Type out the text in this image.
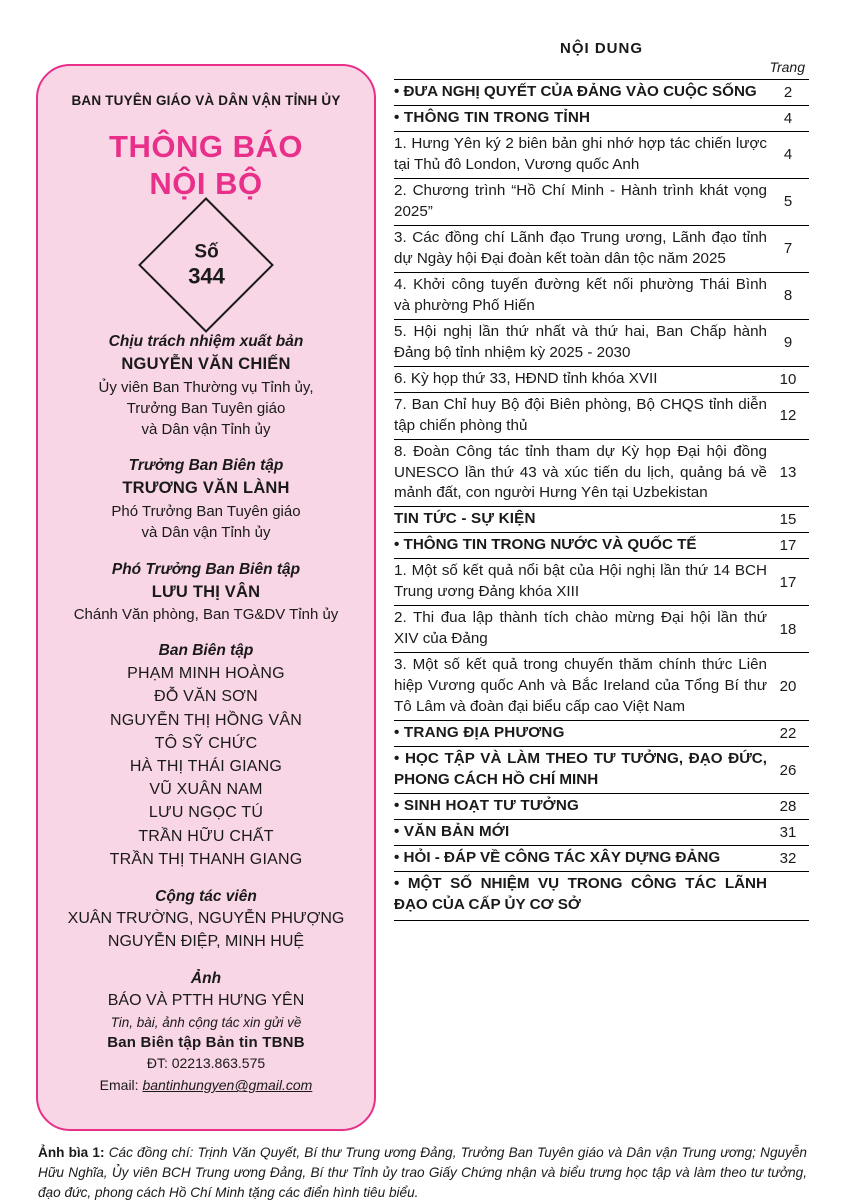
BAN TUYÊN GIÁO VÀ DÂN VẬN TỈNH ỦY
THÔNG BÁO
NỘI BỘ
Số
344
Chịu trách nhiệm xuất bản
NGUYỄN VĂN CHIẾN
Ủy viên Ban Thường vụ Tỉnh ủy,
Trưởng Ban Tuyên giáo
và Dân vận Tỉnh ủy
Trưởng Ban Biên tập
TRƯƠNG VĂN LÀNH
Phó Trưởng Ban Tuyên giáo
và Dân vận Tỉnh ủy
Phó Trưởng Ban Biên tập
LƯU THỊ VÂN
Chánh Văn phòng, Ban TG&DV Tỉnh ủy
Ban Biên tập
PHẠM MINH HOÀNG
ĐỖ VĂN SƠN
NGUYỄN THỊ HỒNG VÂN
TÔ SỸ CHỨC
HÀ THỊ THÁI GIANG
VŨ XUÂN NAM
LƯU NGỌC TÚ
TRẦN HỮU CHẤT
TRẦN THỊ THANH GIANG
Cộng tác viên
XUÂN TRƯỜNG, NGUYỄN PHƯỢNG
NGUYỄN ĐIỆP, MINH HUỆ
Ảnh
BÁO VÀ PTTH HƯNG YÊN
Tin, bài, ảnh cộng tác xin gửi về
Ban Biên tập Bản tin TBNB
ĐT: 02213.863.575
Email: bantinhungyen@gmail.com
NỘI DUNG
Trang
• ĐƯA NGHỊ QUYẾT CỦA ĐẢNG VÀO CUỘC SỐNG	2
• THÔNG TIN TRONG TỈNH	4
1. Hưng Yên ký 2 biên bản ghi nhớ hợp tác chiến lược tại Thủ đô London, Vương quốc Anh	4
2. Chương trình “Hồ Chí Minh - Hành trình khát vọng 2025”	5
3. Các đồng chí Lãnh đạo Trung ương, Lãnh đạo tỉnh dự Ngày hội Đại đoàn kết toàn dân tộc năm 2025	7
4. Khởi công tuyến đường kết nối phường Thái Bình và phường Phố Hiến	8
5. Hội nghị lần thứ nhất và thứ hai, Ban Chấp hành Đảng bộ tỉnh nhiệm kỳ 2025 - 2030	9
6. Kỳ họp thứ 33, HĐND tỉnh khóa XVII	10
7. Ban Chỉ huy Bộ đội Biên phòng, Bộ CHQS tỉnh diễn tập chiến phòng thủ	12
8. Đoàn Công tác tỉnh tham dự Kỳ họp Đại hội đồng UNESCO lần thứ 43 và xúc tiến du lịch, quảng bá về mảnh đất, con người Hưng Yên tại Uzbekistan	13
TIN TỨC - SỰ KIỆN	15
• THÔNG TIN TRONG NƯỚC VÀ QUỐC TẾ	17
1. Một số kết quả nổi bật của Hội nghị lần thứ 14 BCH Trung ương Đảng khóa XIII	17
2. Thi đua lập thành tích chào mừng Đại hội lần thứ XIV của Đảng	18
3. Một số kết quả trong chuyến thăm chính thức Liên hiệp Vương quốc Anh và Bắc Ireland của Tổng Bí thư Tô Lâm và đoàn đại biểu cấp cao Việt Nam	20
• TRANG ĐỊA PHƯƠNG	22
• HỌC TẬP VÀ LÀM THEO TƯ TƯỞNG, ĐẠO ĐỨC, PHONG CÁCH HỒ CHÍ MINH	26
• SINH HOẠT TƯ TƯỞNG	28
• VĂN BẢN MỚI	31
• HỎI - ĐÁP VỀ CÔNG TÁC XÂY DỰNG ĐẢNG	32
• MỘT SỐ NHIỆM VỤ TRONG CÔNG TÁC LÃNH ĐẠO CỦA CẤP ỦY CƠ SỞ	
Ảnh bìa 1: Các đồng chí: Trịnh Văn Quyết, Bí thư Trung ương Đảng, Trưởng Ban Tuyên giáo và Dân vận Trung ương; Nguyễn Hữu Nghĩa, Ủy viên BCH Trung ương Đảng, Bí thư Tỉnh ủy trao Giấy Chứng nhận và biểu trưng học tập và làm theo tư tưởng, đạo đức, phong cách Hồ Chí Minh tặng các điển hình tiêu biểu.
